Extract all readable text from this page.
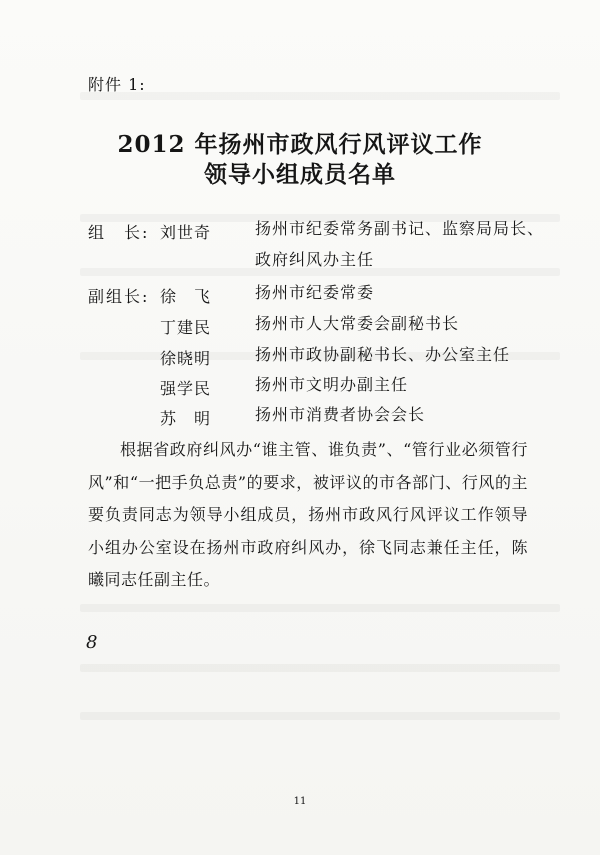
附件 1:
2012 年扬州市政风行风评议工作
领导小组成员名单
组　长: 刘世奇	扬州市纪委常务副书记、监察局局长、
政府纠风办主任
副组长: 徐　飞	扬州市纪委常委
丁建民	扬州市人大常委会副秘书长
徐晓明	扬州市政协副秘书长、办公室主任
强学民	扬州市文明办副主任
苏　明	扬州市消费者协会会长
根据省政府纠风办“谁主管、谁负责”、“管行业必须管行风”和“一把手负总责”的要求，被评议的市各部门、行风的主要负责同志为领导小组成员，扬州市政风行风评议工作领导小组办公室设在扬州市政府纠风办，徐飞同志兼任主任，陈曦同志任副主任。
8
11
